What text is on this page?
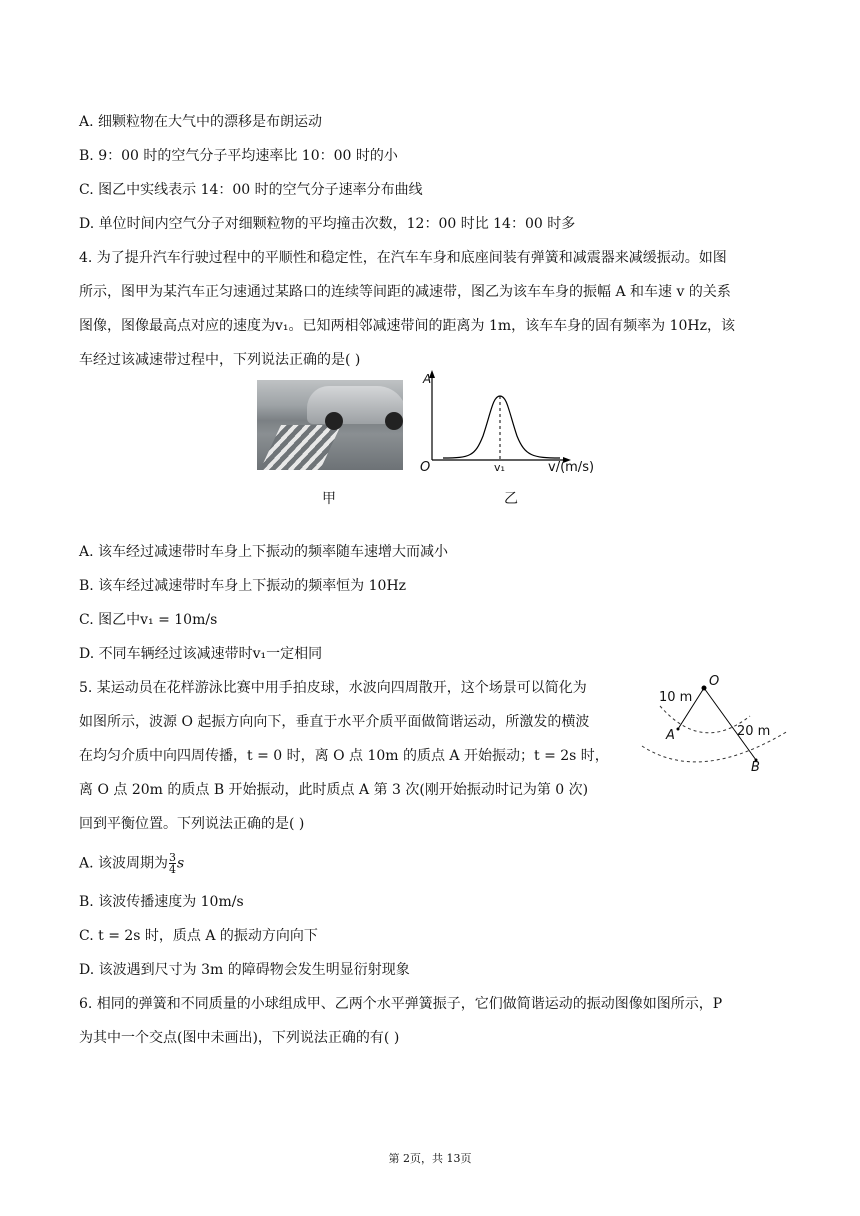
A. 细颗粒物在大气中的漂移是布朗运动
B. 9：00 时的空气分子平均速率比 10：00 时的小
C. 图乙中实线表示 14：00 时的空气分子速率分布曲线
D. 单位时间内空气分子对细颗粒物的平均撞击次数，12：00 时比 14：00 时多
4. 为了提升汽车行驶过程中的平顺性和稳定性，在汽车车身和底座间装有弹簧和减震器来减缓振动。如图
所示，图甲为某汽车正匀速通过某路口的连续等间距的减速带，图乙为该车车身的振幅 A 和车速 v 的关系
图像，图像最高点对应的速度为v₁。已知两相邻减速带间的距离为 1m，该车车身的固有频率为 10Hz，该
车经过该减速带过程中，下列说法正确的是( )
甲
A
O	v₁	v/(m/s)
乙
A. 该车经过减速带时车身上下振动的频率随车速增大而减小
B. 该车经过减速带时车身上下振动的频率恒为 10Hz
C. 图乙中v₁ = 10m/s
D. 不同车辆经过该减速带时v₁一定相同
5. 某运动员在花样游泳比赛中用手拍皮球，水波向四周散开，这个场景可以简化为
如图所示，波源 O 起振方向向下，垂直于水平介质平面做简谐运动，所激发的横波
在均匀介质中向四周传播，t = 0 时，离 O 点 10m 的质点 A 开始振动；t = 2s 时，
离 O 点 20m 的质点 B 开始振动，此时质点 A 第 3 次(刚开始振动时记为第 0 次)
回到平衡位置。下列说法正确的是( )
O
10 m
20 m
A
B
A. 该波周期为 $\frac{3}{4}$ s
B. 该波传播速度为 10m/s
C. t = 2s 时，质点 A 的振动方向向下
D. 该波遇到尺寸为 3m 的障碍物会发生明显衍射现象
6. 相同的弹簧和不同质量的小球组成甲、乙两个水平弹簧振子，它们做简谐运动的振动图像如图所示，P
为其中一个交点(图中未画出)，下列说法正确的有( )
第 2页，共 13页
